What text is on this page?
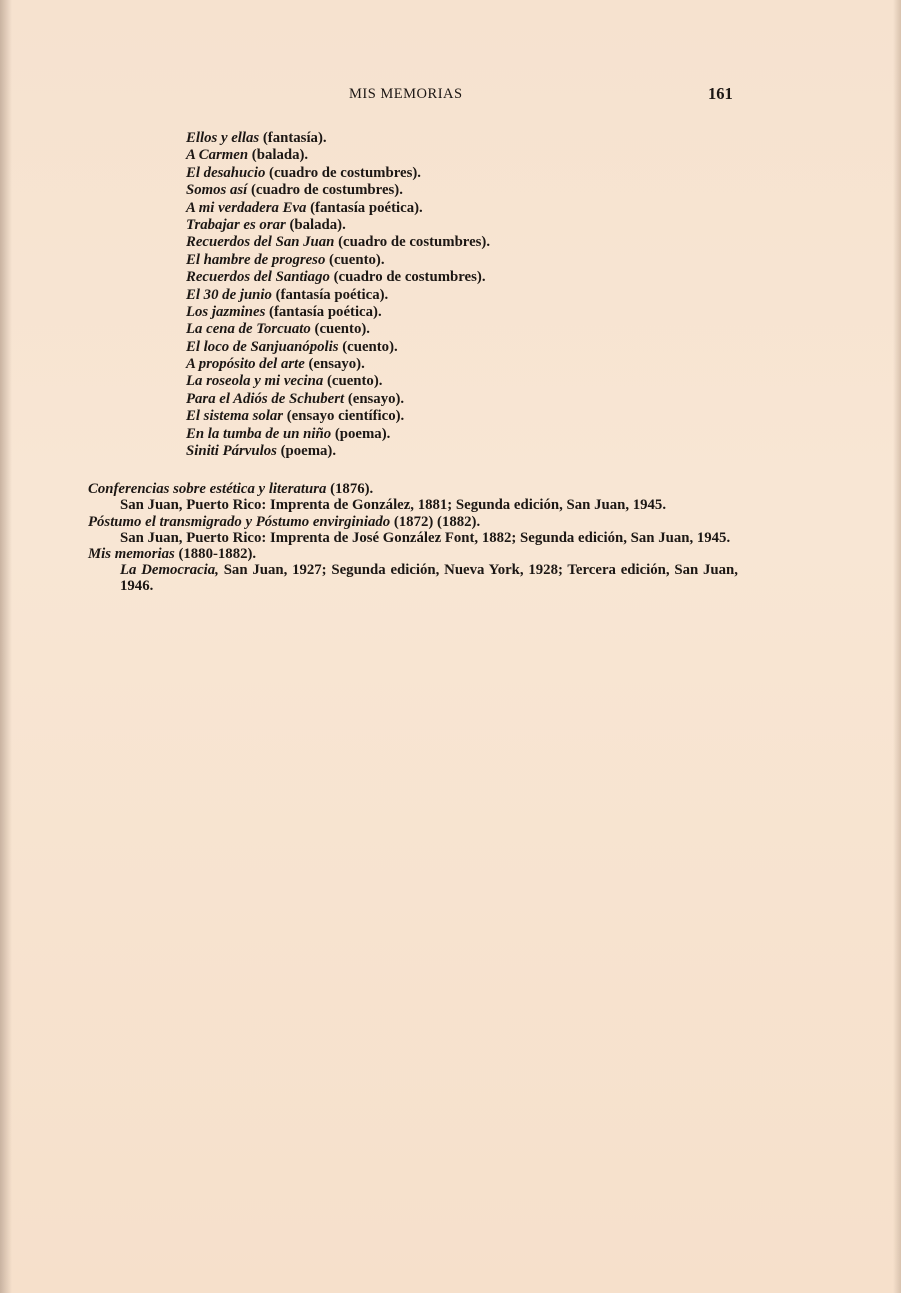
MIS MEMORIAS	161
Ellos y ellas (fantasía).
A Carmen (balada).
El desahucio (cuadro de costumbres).
Somos así (cuadro de costumbres).
A mi verdadera Eva (fantasía poética).
Trabajar es orar (balada).
Recuerdos del San Juan (cuadro de costumbres).
El hambre de progreso (cuento).
Recuerdos del Santiago (cuadro de costumbres).
El 30 de junio (fantasía poética).
Los jazmines (fantasía poética).
La cena de Torcuato (cuento).
El loco de Sanjuanópolis (cuento).
A propósito del arte (ensayo).
La roseola y mi vecina (cuento).
Para el Adiós de Schubert (ensayo).
El sistema solar (ensayo científico).
En la tumba de un niño (poema).
Siniti Párvulos (poema).
Conferencias sobre estética y literatura (1876).
San Juan, Puerto Rico: Imprenta de González, 1881; Segunda edición, San Juan, 1945.
Póstumo el transmigrado y Póstumo envirginiado (1872) (1882).
San Juan, Puerto Rico: Imprenta de José González Font, 1882; Segunda edición, San Juan, 1945.
Mis memorias (1880-1882).
La Democracia, San Juan, 1927; Segunda edición, Nueva York, 1928; Tercera edición, San Juan, 1946.
